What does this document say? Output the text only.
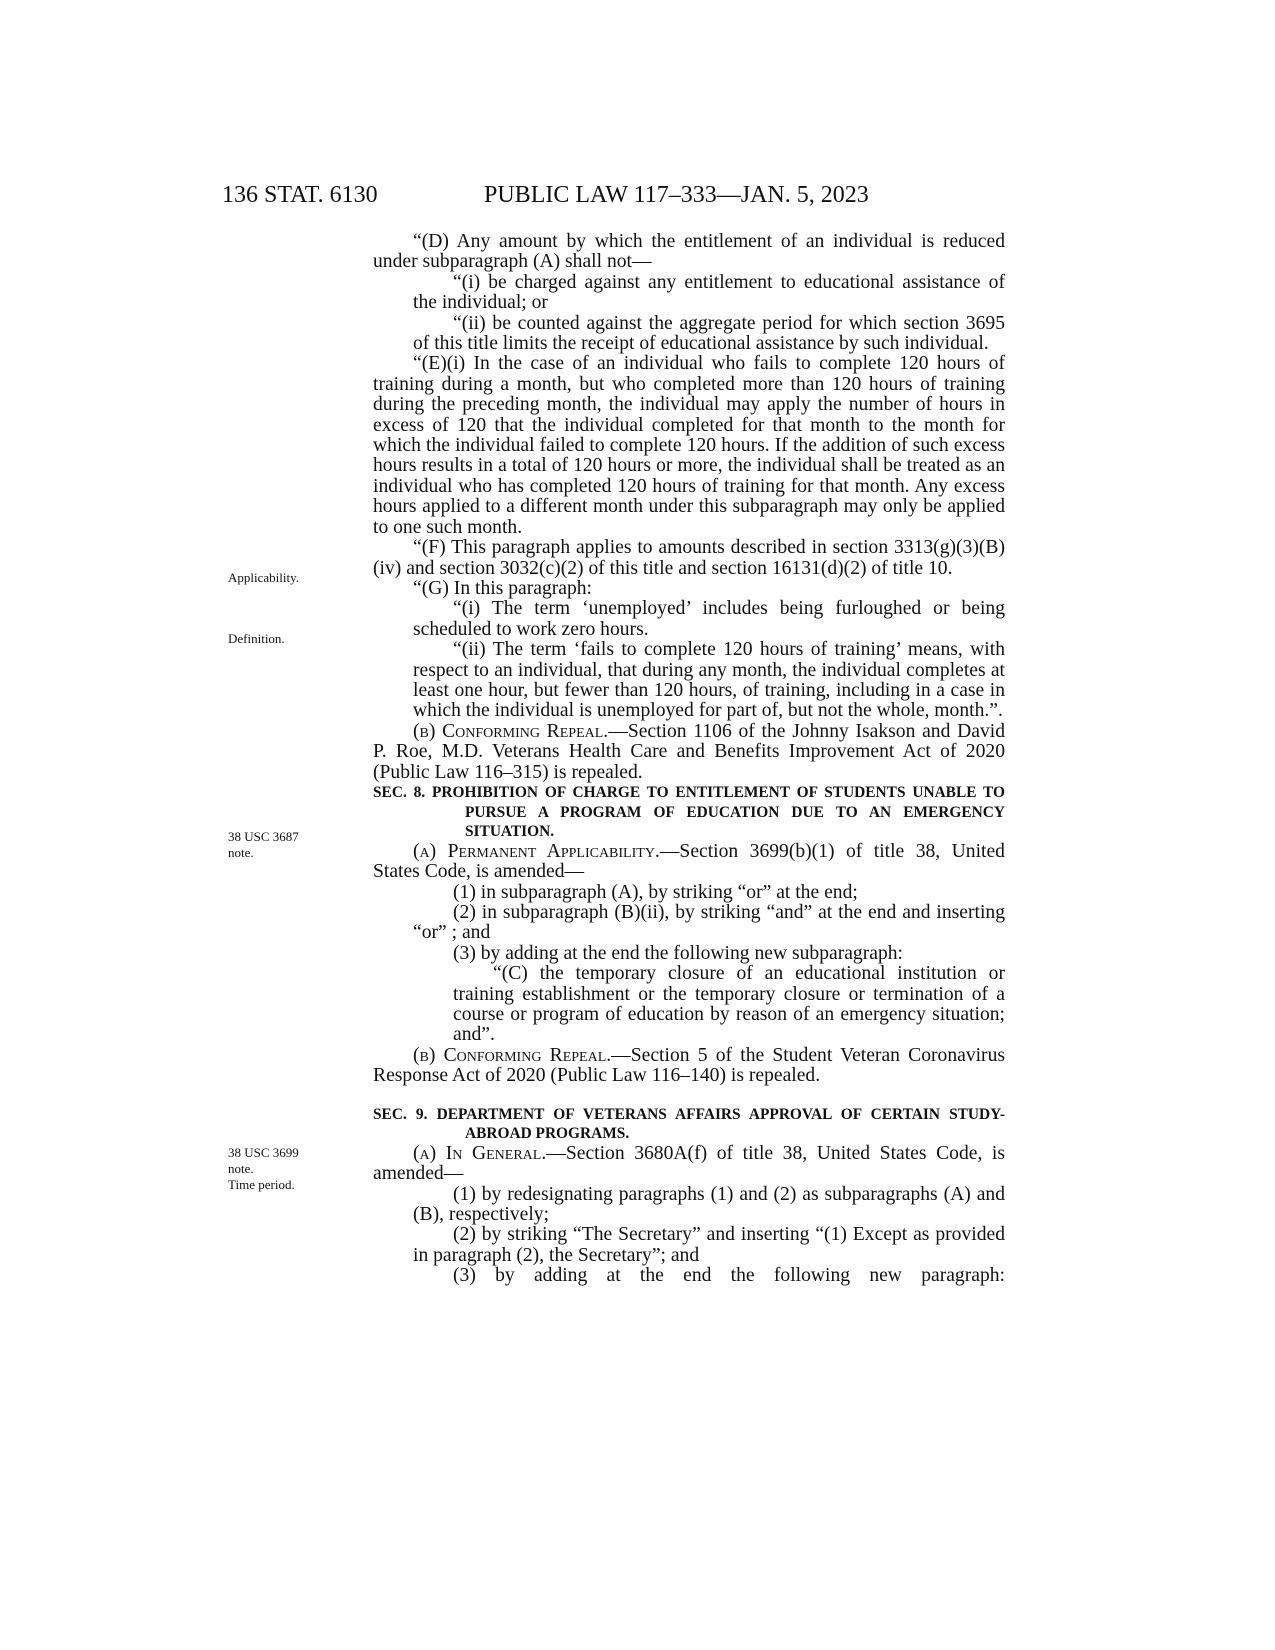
136 STAT. 6130	PUBLIC LAW 117–333—JAN. 5, 2023
Applicability.
Definition.
38 USC 3687
note.
38 USC 3699
note.
Time period.

“(D) Any amount by which the entitlement of an individual is reduced under subparagraph (A) shall not—

“(i) be charged against any entitlement to educational assistance of the individual; or

“(ii) be counted against the aggregate period for which section 3695 of this title limits the receipt of educational assistance by such individual.

“(E)(i) In the case of an individual who fails to complete 120 hours of training during a month, but who completed more than 120 hours of training during the preceding month, the individual may apply the number of hours in excess of 120 that the individual completed for that month to the month for which the individual failed to complete 120 hours. If the addition of such excess hours results in a total of 120 hours or more, the individual shall be treated as an individual who has completed 120 hours of training for that month. Any excess hours applied to a different month under this subparagraph may only be applied to one such month.

“(F) This paragraph applies to amounts described in section 3313(g)(3)(B)(iv) and section 3032(c)(2) of this title and section 16131(d)(2) of title 10.

“(G) In this paragraph:

“(i) The term ‘unemployed’ includes being furloughed or being scheduled to work zero hours.

“(ii) The term ‘fails to complete 120 hours of training’ means, with respect to an individual, that during any month, the individual completes at least one hour, but fewer than 120 hours, of training, including in a case in which the individual is unemployed for part of, but not the whole, month.”.

(b) Conforming Repeal.—Section 1106 of the Johnny Isakson and David P. Roe, M.D. Veterans Health Care and Benefits Improvement Act of 2020 (Public Law 116–315) is repealed.

SEC. 8. PROHIBITION OF CHARGE TO ENTITLEMENT OF STUDENTS UNABLE TO PURSUE A PROGRAM OF EDUCATION DUE TO AN EMERGENCY SITUATION.

(a) Permanent Applicability.—Section 3699(b)(1) of title 38, United States Code, is amended—

(1) in subparagraph (A), by striking “or” at the end;

(2) in subparagraph (B)(ii), by striking “and” at the end and inserting “or” ; and

(3) by adding at the end the following new subparagraph:

“(C) the temporary closure of an educational institution or training establishment or the temporary closure or termination of a course or program of education by reason of an emergency situation; and”.

(b) Conforming Repeal.—Section 5 of the Student Veteran Coronavirus Response Act of 2020 (Public Law 116–140) is repealed.

SEC. 9. DEPARTMENT OF VETERANS AFFAIRS APPROVAL OF CERTAIN STUDY-ABROAD PROGRAMS.

(a) In General.—Section 3680A(f) of title 38, United States Code, is amended—

(1) by redesignating paragraphs (1) and (2) as subparagraphs (A) and (B), respectively;

(2) by striking “The Secretary” and inserting “(1) Except as provided in paragraph (2), the Secretary”; and

(3) by adding at the end the following new paragraph:
